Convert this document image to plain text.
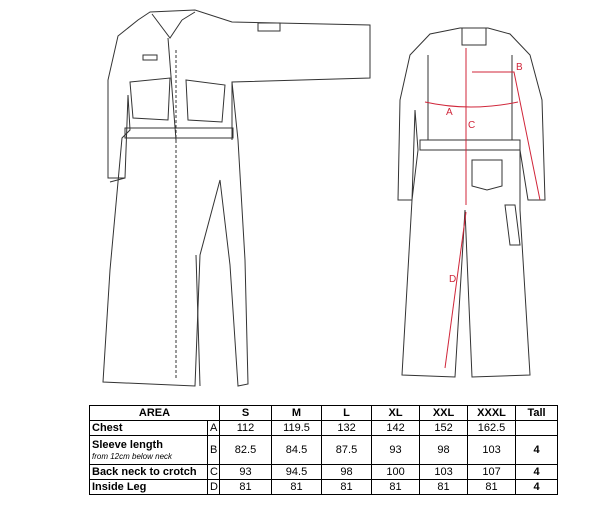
A
B
C
D
AREA		S	M	L	XL	XXL	XXXL	Tall
Chest	A	112	119.5	132	142	152	162.5	
Sleeve length
from 12cm below neck	B	82.5	84.5	87.5	93	98	103	4
Back neck to crotch	C	93	94.5	98	100	103	107	4
Inside Leg	D	81	81	81	81	81	81	4
